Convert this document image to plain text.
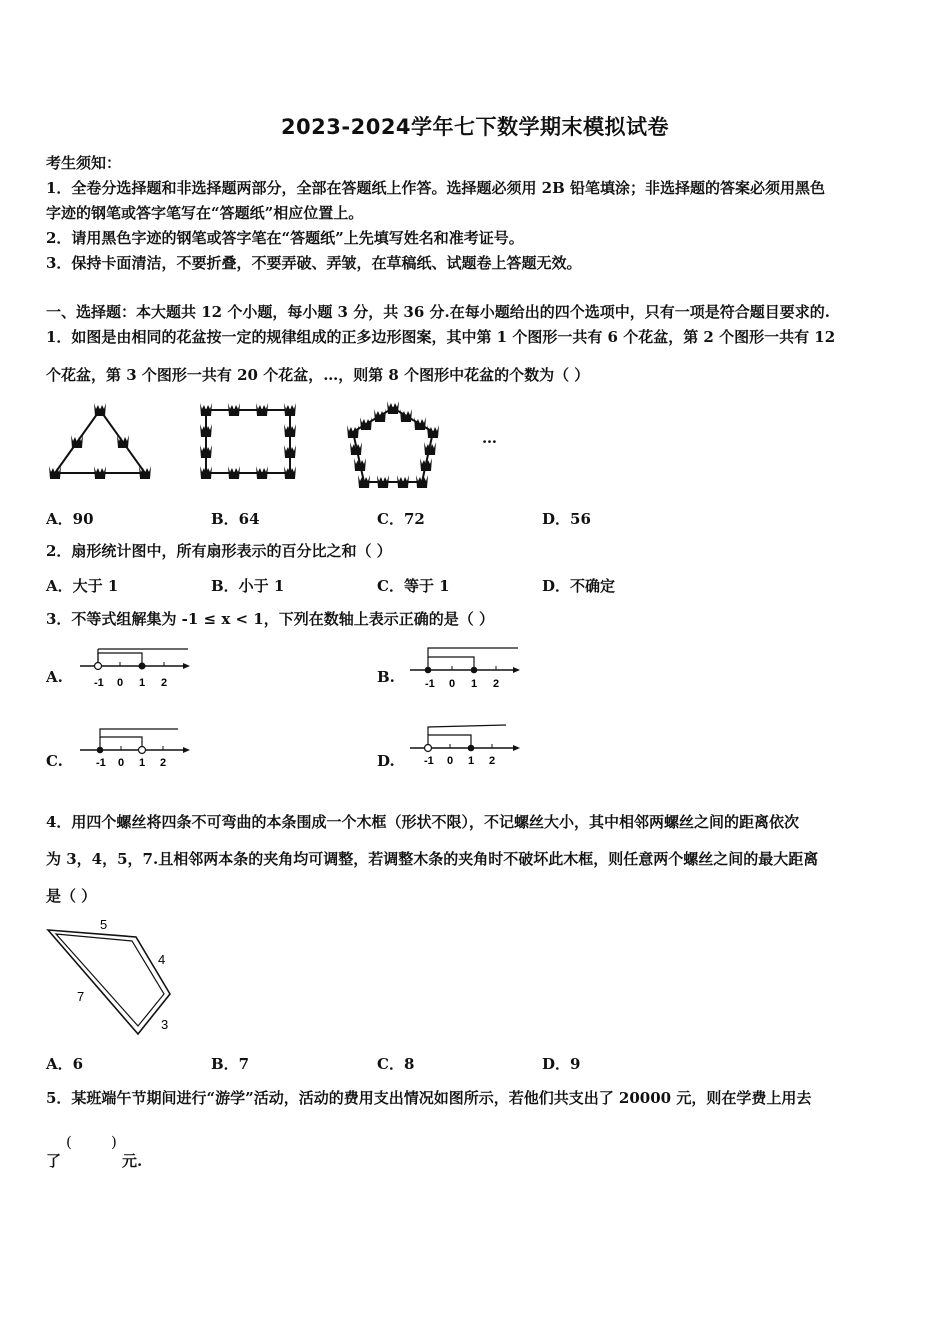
2023-2024学年七下数学期末模拟试卷
考生须知：
1．全卷分选择题和非选择题两部分，全部在答题纸上作答。选择题必须用 2B 铅笔填涂；非选择题的答案必须用黑色
字迹的钢笔或答字笔写在“答题纸”相应位置上。
2．请用黑色字迹的钢笔或答字笔在“答题纸”上先填写姓名和准考证号。
3．保持卡面清洁，不要折叠，不要弄破、弄皱，在草稿纸、试题卷上答题无效。
一、选择题：本大题共 12 个小题，每小题 3 分，共 36 分.在每小题给出的四个选项中，只有一项是符合题目要求的.
1．如图是由相同的花盆按一定的规律组成的正多边形图案，其中第 1 个图形一共有 6 个花盆，第 2 个图形一共有 12
个花盆，第 3 个图形一共有 20 个花盆，…，则第 8 个图形中花盆的个数为（ ）
…
A．90	B．64	C．72	D．56
2．扇形统计图中，所有扇形表示的百分比之和（ ）
A．大于 1	B．小于 1	C．等于 1	D．不确定
3．不等式组解集为 -1 ≤ x < 1，下列在数轴上表示正确的是（ ）
A.	B.
C.	D.
-1 0 1 2	-1 0 1 2
-1 0 1 2	-1 0 1 2
4．用四个螺丝将四条不可弯曲的本条围成一个木框（形状不限），不记螺丝大小，其中相邻两螺丝之间的距离依次
为 3，4，5，7.且相邻两本条的夹角均可调整，若调整木条的夹角时不破坏此木框，则任意两个螺丝之间的最大距离
是（ ）
5
4
7
3
A．6	B．7	C．8	D．9
5．某班端午节期间进行“游学”活动，活动的费用支出情况如图所示，若他们共支出了 20000 元，则在学费上用去
了
(	)
元.
